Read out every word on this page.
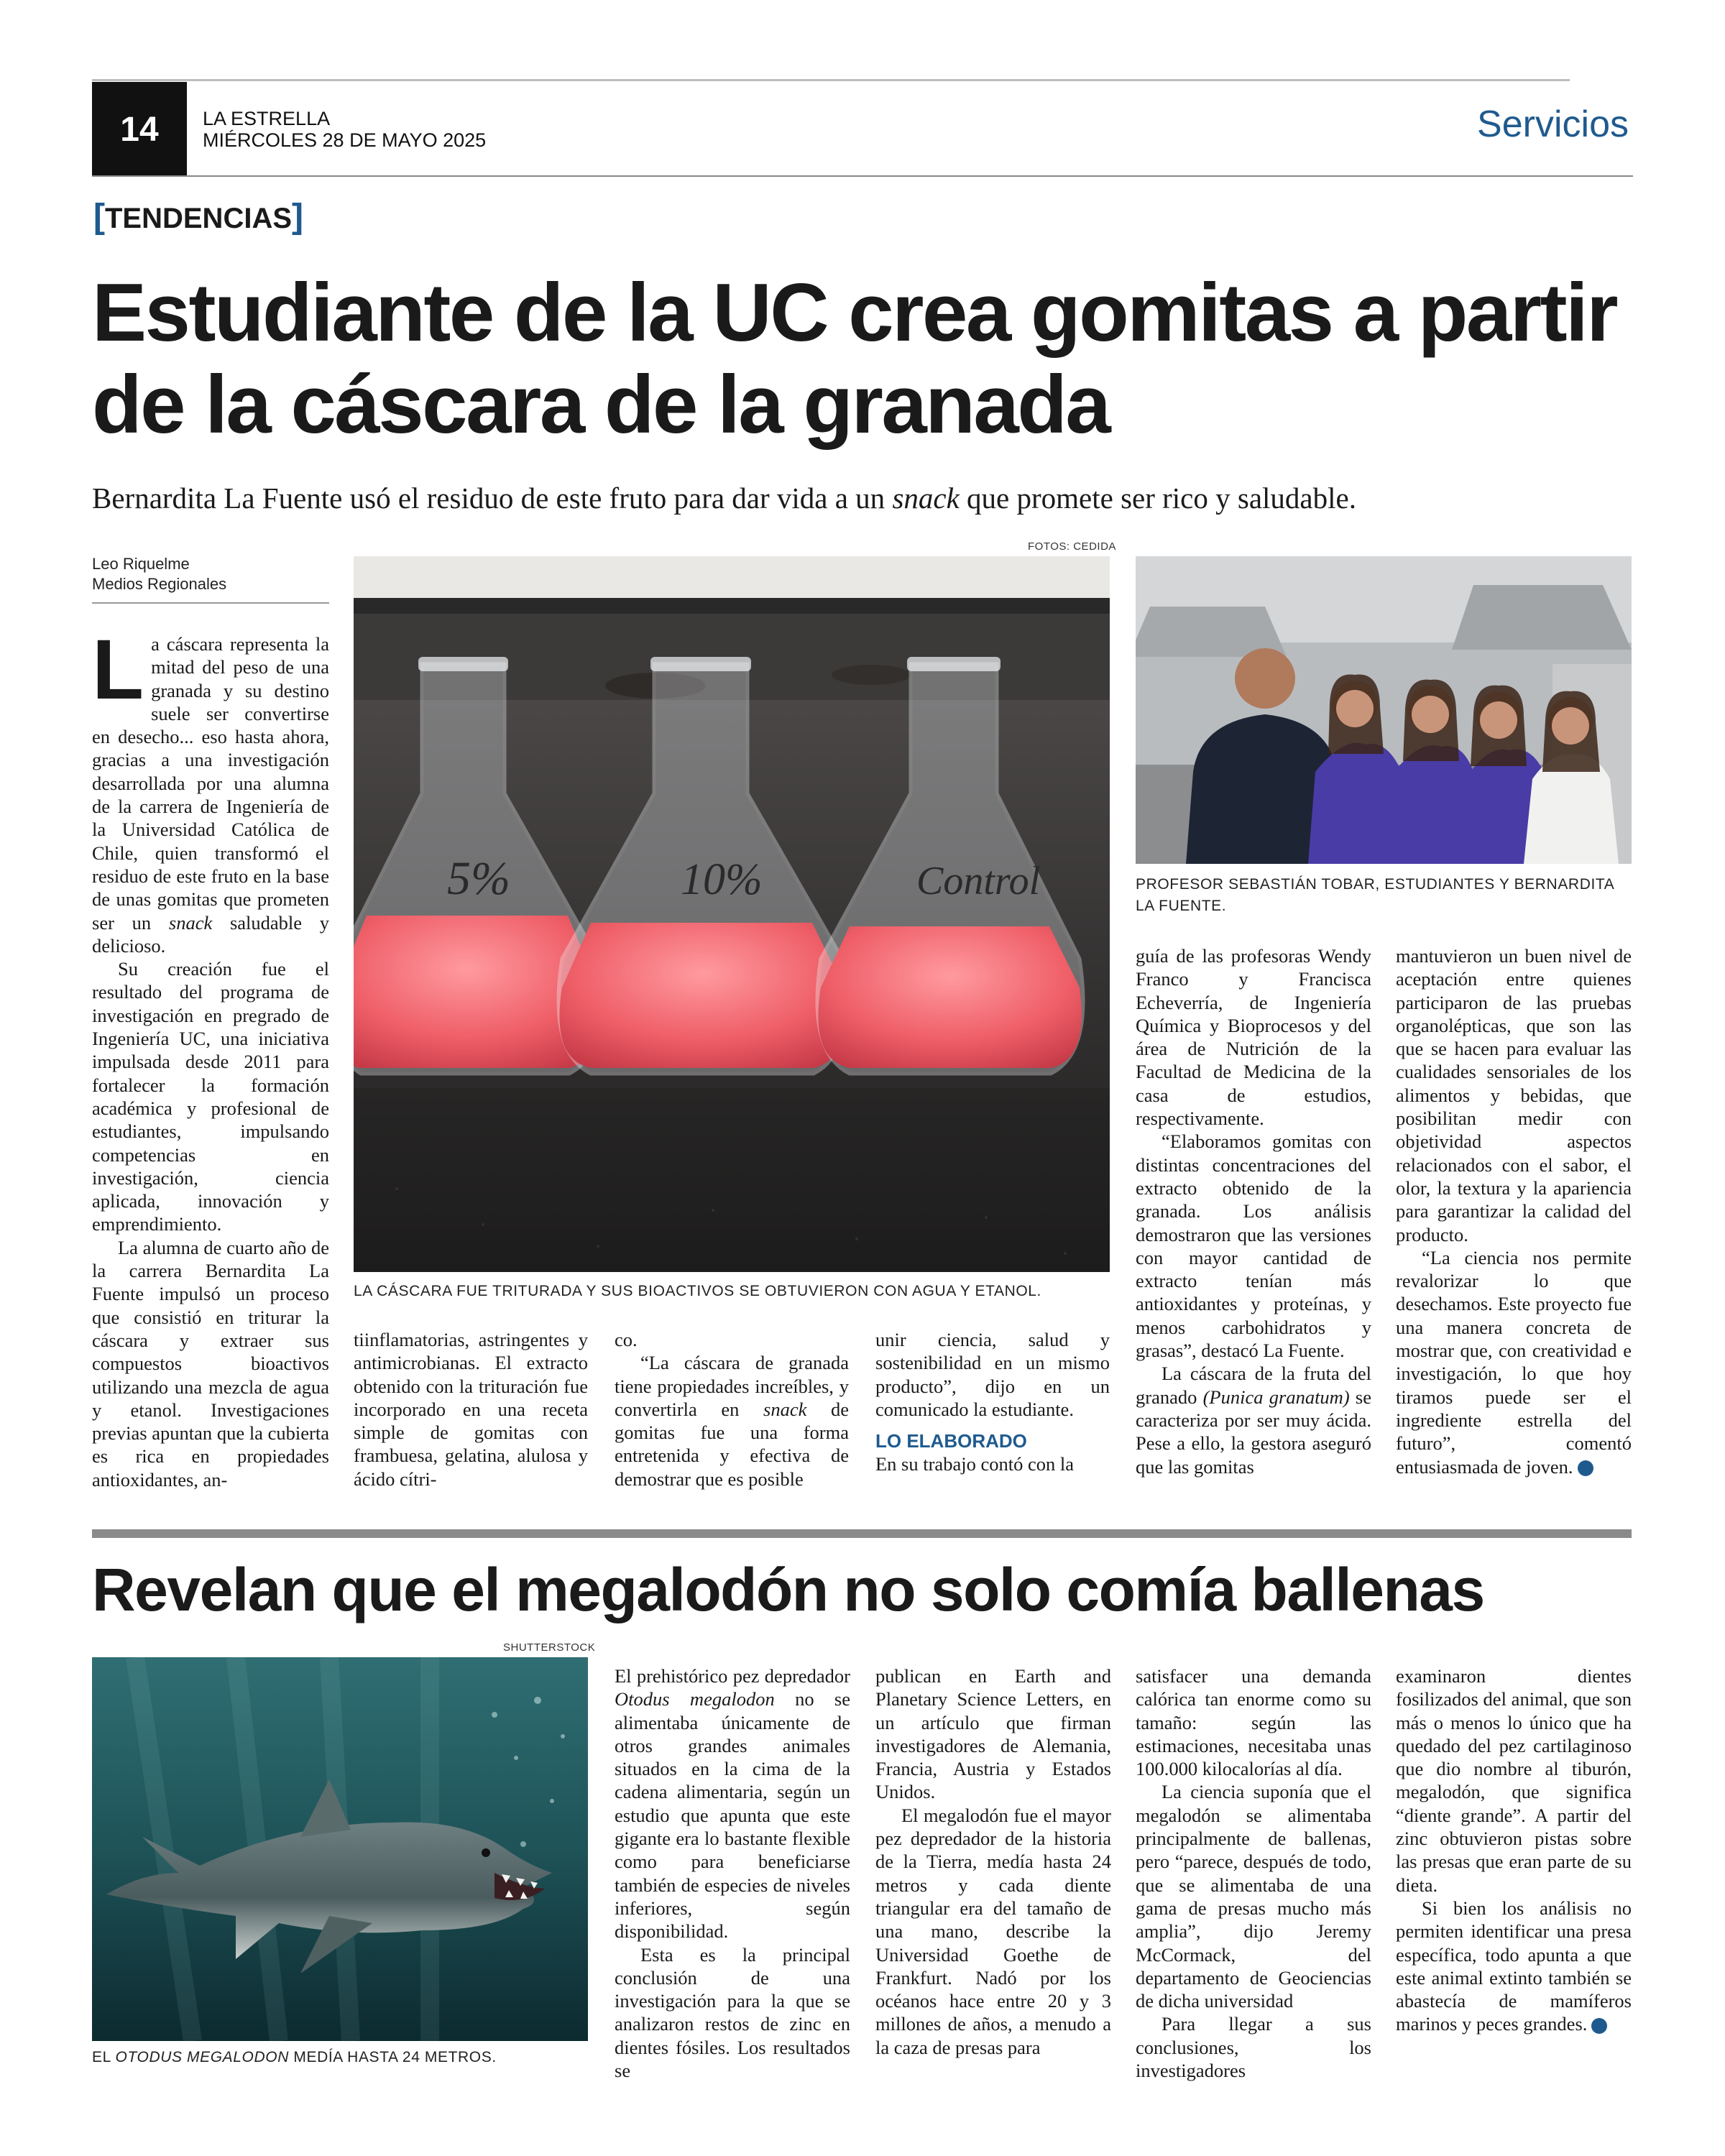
14 LA ESTRELLA
MIÉRCOLES 28 DE MAYO 2025	Servicios
[TENDENCIAS]
Estudiante de la UC crea gomitas a partir de la cáscara de la granada
Bernardita La Fuente usó el residuo de este fruto para dar vida a un snack que promete ser rico y saludable.
Leo Riquelme
Medios Regionales
FOTOS: CEDIDA
5%	10%	Control
LA CÁSCARA FUE TRITURADA Y SUS BIOACTIVOS SE OBTUVIERON CON AGUA Y ETANOL.
PROFESOR SEBASTIÁN TOBAR, ESTUDIANTES Y BERNARDITA LA FUENTE.

La cáscara representa la mitad del peso de una granada y su destino suele ser convertirse en desecho... eso hasta ahora, gracias a una investigación desarrollada por una alumna de la carrera de Ingeniería de la Universidad Católica de Chile, quien transformó el residuo de este fruto en la base de unas gomitas que prometen ser un snack saludable y delicioso.

Su creación fue el resultado del programa de investigación en pregrado de Ingeniería UC, una iniciativa impulsada desde 2011 para fortalecer la formación académica y profesional de estudiantes, impulsando competencias en investigación, ciencia aplicada, innovación y emprendimiento.

La alumna de cuarto año de la carrera Bernardita La Fuente impulsó un proceso que consistió en triturar la cáscara y extraer sus compuestos bioactivos utilizando una mezcla de agua y etanol. Investigaciones previas apuntan que la cubierta es rica en propiedades antioxidantes, an-

tiinflamatorias, astringentes y antimicrobianas. El extracto obtenido con la trituración fue incorporado en una receta simple de gomitas con frambuesa, gelatina, alulosa y ácido cítri-

co.

“La cáscara de granada tiene propiedades increíbles, y convertirla en snack de gomitas fue una forma entretenida y efectiva de demostrar que es posible

unir ciencia, salud y sostenibilidad en un mismo producto”, dijo en un comunicado la estudiante.

LO ELABORADO

En su trabajo contó con la

guía de las profesoras Wendy Franco y Francisca Echeverría, de Ingeniería Química y Bioprocesos y del área de Nutrición de la Facultad de Medicina de la casa de estudios, respectivamente.

“Elaboramos gomitas con distintas concentraciones del extracto obtenido de la granada. Los análisis demostraron que las versiones con mayor cantidad de extracto tenían más antioxidantes y proteínas, y menos carbohidratos y grasas”, destacó La Fuente.

La cáscara de la fruta del granado (Punica granatum) se caracteriza por ser muy ácida. Pese a ello, la gestora aseguró que las gomitas

mantuvieron un buen nivel de aceptación entre quienes participaron de las pruebas organolépticas, que son las que se hacen para evaluar las cualidades sensoriales de los alimentos y bebidas, que posibilitan medir con objetividad aspectos relacionados con el sabor, el olor, la textura y la apariencia para garantizar la calidad del producto.

“La ciencia nos permite revalorizar lo que desechamos. Este proyecto fue una manera concreta de mostrar que, con creatividad e investigación, lo que hoy tiramos puede ser el ingrediente estrella del futuro”, comentó entusiasmada de joven. +

Revelan que el megalodón no solo comía ballenas
SHUTTERSTOCK
EL OTODUS MEGALODON MEDÍA HASTA 24 METROS.

El prehistórico pez depredador Otodus megalodon no se alimentaba únicamente de otros grandes animales situados en la cima de la cadena alimentaria, según un estudio que apunta que este gigante era lo bastante flexible como para beneficiarse también de especies de niveles inferiores, según disponibilidad.

Esta es la principal conclusión de una investigación para la que se analizaron restos de zinc en dientes fósiles. Los resultados se

publican en Earth and Planetary Science Letters, en un artículo que firman investigadores de Alemania, Francia, Austria y Estados Unidos.

El megalodón fue el mayor pez depredador de la historia de la Tierra, medía hasta 24 metros y cada diente triangular era del tamaño de una mano, describe la Universidad Goethe de Frankfurt. Nadó por los océanos hace entre 20 y 3 millones de años, a menudo a la caza de presas para

satisfacer una demanda calórica tan enorme como su tamaño: según las estimaciones, necesitaba unas 100.000 kilocalorías al día.

La ciencia suponía que el megalodón se alimentaba principalmente de ballenas, pero “parece, después de todo, que se alimentaba de una gama de presas mucho más amplia”, dijo Jeremy McCormack, del departamento de Geociencias de dicha universidad

Para llegar a sus conclusiones, los investigadores

examinaron dientes fosilizados del animal, que son más o menos lo único que ha quedado del pez cartilaginoso que dio nombre al tiburón, megalodón, que significa “diente grande”. A partir del zinc obtuvieron pistas sobre las presas que eran parte de su dieta.

Si bien los análisis no permiten identificar una presa específica, todo apunta a que este animal extinto también se abastecía de mamíferos marinos y peces grandes. +
